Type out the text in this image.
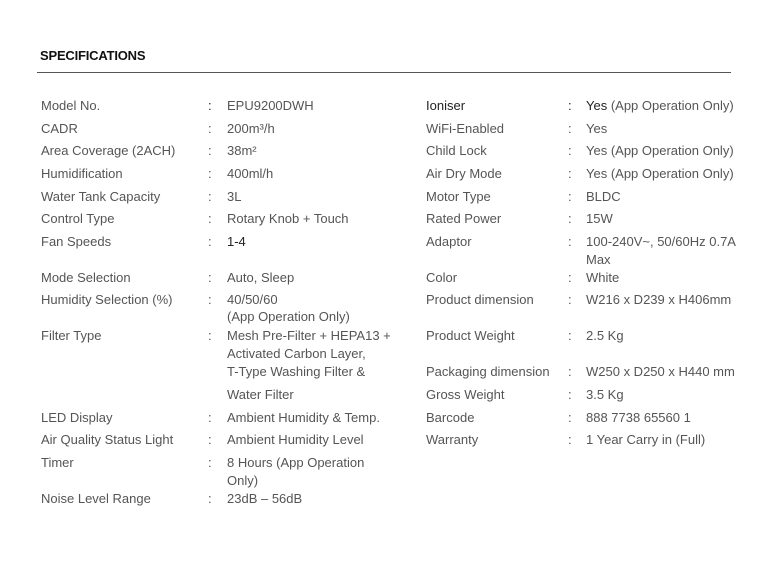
SPECIFICATIONS
Model No.	: EPU9200DWH
CADR	: 200m³/h
Area Coverage (2ACH)	: 38m²
Humidification	: 400ml/h
Water Tank Capacity	: 3L
Control Type	: Rotary Knob + Touch
Fan Speeds	: 1-4
Mode Selection	: Auto, Sleep
Humidity Selection (%)	: 40/50/60
(App Operation Only)
Filter Type	: Mesh Pre-Filter + HEPA13 +
Activated Carbon Layer,
T-Type Washing Filter &
Water Filter
LED Display	: Ambient Humidity & Temp.
Air Quality Status Light	: Ambient Humidity Level
Timer	: 8 Hours (App Operation
Only)
Noise Level Range	: 23dB – 56dB
Ioniser	: Yes (App Operation Only)
WiFi-Enabled	: Yes
Child Lock	: Yes (App Operation Only)
Air Dry Mode	: Yes (App Operation Only)
Motor Type	: BLDC
Rated Power	: 15W
Adaptor	: 100-240V~, 50/60Hz 0.7A
Max
Color	: White
Product dimension	: W216 x D239 x H406mm
Product Weight	: 2.5 Kg
Packaging dimension : W250 x D250 x H440 mm
Gross Weight	: 3.5 Kg
Barcode	: 888 7738 65560 1
Warranty	: 1 Year Carry in (Full)
